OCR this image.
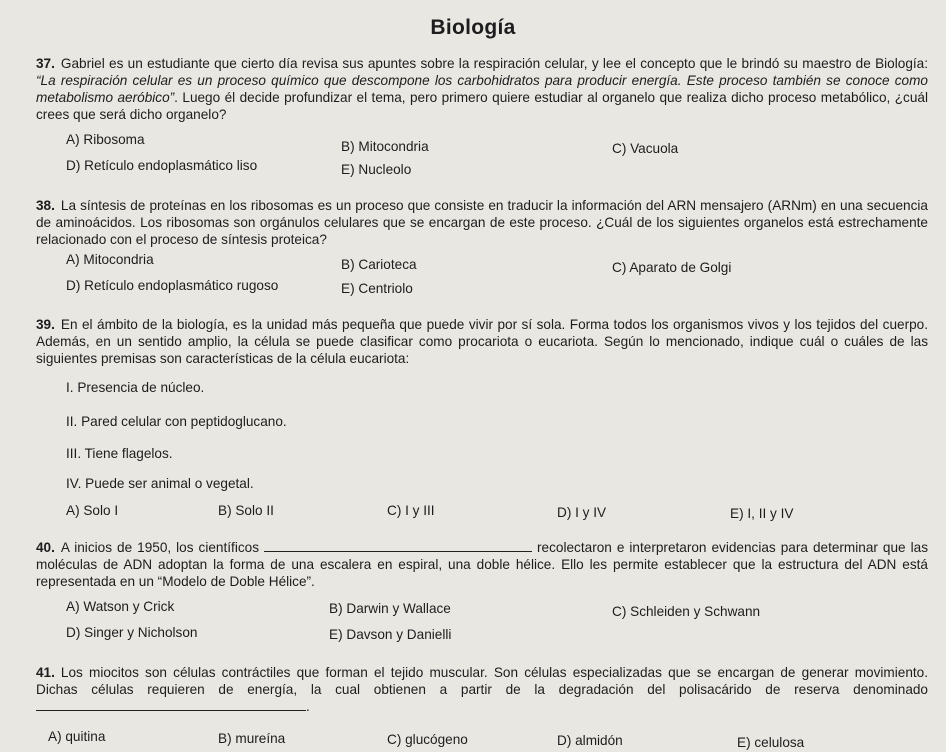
Biología
37. Gabriel es un estudiante que cierto día revisa sus apuntes sobre la respiración celular, y lee el concepto que le brindó su maestro de Biología: “La respiración celular es un proceso químico que descompone los carbohidratos para producir energía. Este proceso también se conoce como metabolismo aeróbico”. Luego él decide profundizar el tema, pero primero quiere estudiar al organelo que realiza dicho proceso metabólico, ¿cuál crees que será dicho organelo?
A) Ribosoma	B) Mitocondria	C) Vacuola
D) Retículo endoplasmático liso	E) Nucleolo
38. La síntesis de proteínas en los ribosomas es un proceso que consiste en traducir la información del ARN mensajero (ARNm) en una secuencia de aminoácidos. Los ribosomas son orgánulos celulares que se encargan de este proceso. ¿Cuál de los siguientes organelos está estrechamente relacionado con el proceso de síntesis proteica?
A) Mitocondria	B) Carioteca	C) Aparato de Golgi
D) Retículo endoplasmático rugoso	E) Centriolo
39. En el ámbito de la biología, es la unidad más pequeña que puede vivir por sí sola. Forma todos los organismos vivos y los tejidos del cuerpo. Además, en un sentido amplio, la célula se puede clasificar como procariota o eucariota. Según lo mencionado, indique cuál o cuáles de las siguientes premisas son características de la célula eucariota:
I. Presencia de núcleo.
II. Pared celular con peptidoglucano.
III. Tiene flagelos.
IV. Puede ser animal o vegetal.
A) Solo I	B) Solo II	C) I y III	D) I y IV	E) I, II y IV
40. A inicios de 1950, los científicos	recolectaron e interpretaron evidencias para determinar que las moléculas de ADN adoptan la forma de una escalera en espiral, una doble hélice. Ello les permite establecer que la estructura del ADN está representada en un “Modelo de Doble Hélice”.
A) Watson y Crick	B) Darwin y Wallace	C) Schleiden y Schwann
D) Singer y Nicholson	E) Davson y Danielli
41. Los miocitos son células contráctiles que forman el tejido muscular. Son células especializadas que se encargan de generar movimiento. Dichas células requieren de energía, la cual obtienen a partir de la degradación del polisacárido de reserva denominado .
A) quitina	B) mureína	C) glucógeno	D) almidón	E) celulosa
